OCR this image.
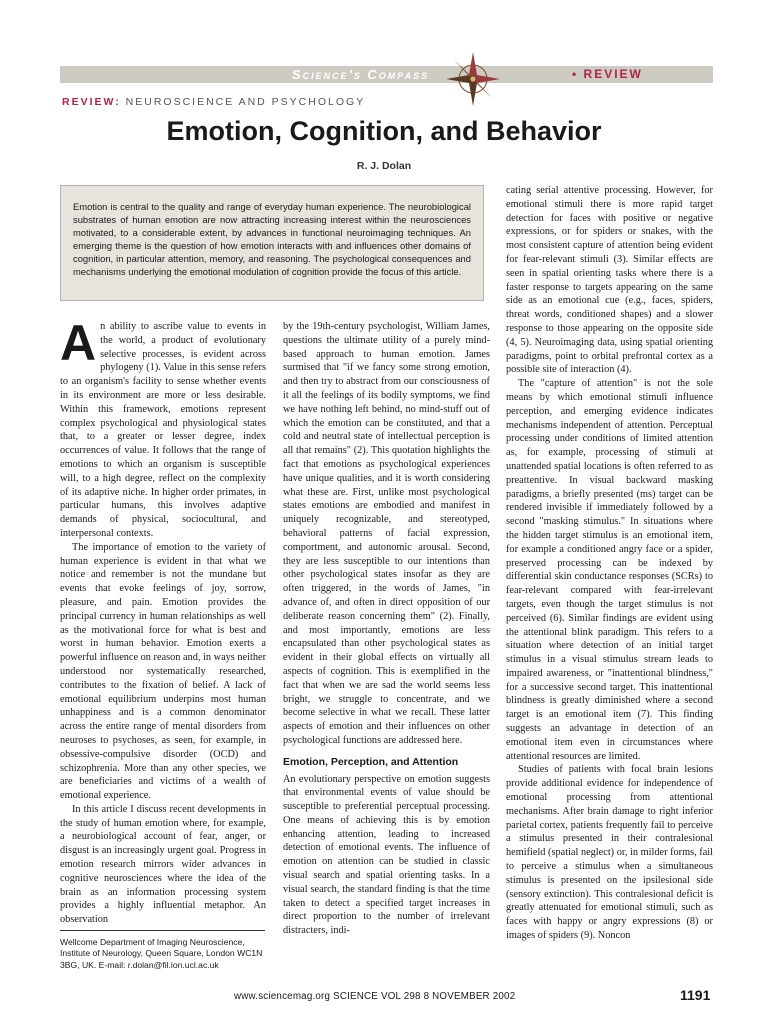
Science's Compass	• REVIEW
REVIEW: NEUROSCIENCE AND PSYCHOLOGY
Emotion, Cognition, and Behavior
R. J. Dolan
Emotion is central to the quality and range of everyday human experience. The neurobiological substrates of human emotion are now attracting increasing interest within the neurosciences motivated, to a considerable extent, by advances in functional neuroimaging techniques. An emerging theme is the question of how emotion interacts with and influences other domains of cognition, in particular attention, memory, and reasoning. The psychological consequences and mechanisms underlying the emotional modulation of cognition provide the focus of this article.
A n ability to ascribe value to events in the world, a product of evolutionary selective processes, is evident across phylogeny (1). Value in this sense refers to an organism's facility to sense whether events in its environment are more or less desirable. Within this framework, emotions represent complex psychological and physiological states that, to a greater or lesser degree, index occurrences of value. It follows that the range of emotions to which an organism is susceptible will, to a high degree, reflect on the complexity of its adaptive niche. In higher order primates, in particular humans, this involves adaptive demands of physical, sociocultural, and interpersonal contexts.

The importance of emotion to the variety of human experience is evident in that what we notice and remember is not the mundane but events that evoke feelings of joy, sorrow, pleasure, and pain. Emotion provides the principal currency in human relationships as well as the motivational force for what is best and worst in human behavior. Emotion exerts a powerful influence on reason and, in ways neither understood nor systematically researched, contributes to the fixation of belief. A lack of emotional equilibrium underpins most human unhappiness and is a common denominator across the entire range of mental disorders from neuroses to psychoses, as seen, for example, in obsessive-compulsive disorder (OCD) and schizophrenia. More than any other species, we are beneficiaries and victims of a wealth of emotional experience.

In this article I discuss recent developments in the study of human emotion where, for example, a neurobiological account of fear, anger, or disgust is an increasingly urgent goal. Progress in emotion research mirrors wider advances in cognitive neurosciences where the idea of the brain as an information processing system provides a highly influential metaphor. An observation

by the 19th-century psychologist, William James, questions the ultimate utility of a purely mind-based approach to human emotion. James surmised that "if we fancy some strong emotion, and then try to abstract from our consciousness of it all the feelings of its bodily symptoms, we find we have nothing left behind, no mind-stuff out of which the emotion can be constituted, and that a cold and neutral state of intellectual perception is all that remains" (2). This quotation highlights the fact that emotions as psychological experiences have unique qualities, and it is worth considering what these are. First, unlike most psychological states emotions are embodied and manifest in uniquely recognizable, and stereotyped, behavioral patterns of facial expression, comportment, and autonomic arousal. Second, they are less susceptible to our intentions than other psychological states insofar as they are often triggered, in the words of James, "in advance of, and often in direct opposition of our deliberate reason concerning them" (2). Finally, and most importantly, emotions are less encapsulated than other psychological states as evident in their global effects on virtually all aspects of cognition. This is exemplified in the fact that when we are sad the world seems less bright, we struggle to concentrate, and we become selective in what we recall. These latter aspects of emotion and their influences on other psychological functions are addressed here.

Emotion, Perception, and Attention

An evolutionary perspective on emotion suggests that environmental events of value should be susceptible to preferential perceptual processing. One means of achieving this is by emotion enhancing attention, leading to increased detection of emotional events. The influence of emotion on attention can be studied in classic visual search and spatial orienting tasks. In a visual search, the standard finding is that the time taken to detect a specified target increases in direct proportion to the number of irrelevant distracters, indi-

cating serial attentive processing. However, for emotional stimuli there is more rapid target detection for faces with positive or negative expressions, or for spiders or snakes, with the most consistent capture of attention being evident for fear-relevant stimuli (3). Similar effects are seen in spatial orienting tasks where there is a faster response to targets appearing on the same side as an emotional cue (e.g., faces, spiders, threat words, conditioned shapes) and a slower response to those appearing on the opposite side (4, 5). Neuroimaging data, using spatial orienting paradigms, point to orbital prefrontal cortex as a possible site of interaction (4).

The "capture of attention" is not the sole means by which emotional stimuli influence perception, and emerging evidence indicates mechanisms independent of attention. Perceptual processing under conditions of limited attention as, for example, processing of stimuli at unattended spatial locations is often referred to as preattentive. In visual backward masking paradigms, a briefly presented (ms) target can be rendered invisible if immediately followed by a second "masking stimulus." In situations where the hidden target stimulus is an emotional item, for example a conditioned angry face or a spider, preserved processing can be indexed by differential skin conductance responses (SCRs) to fear-relevant compared with fear-irrelevant targets, even though the target stimulus is not perceived (6). Similar findings are evident using the attentional blink paradigm. This refers to a situation where detection of an initial target stimulus in a visual stimulus stream leads to impaired awareness, or "inattentional blindness," for a successive second target. This inattentional blindness is greatly diminished where a second target is an emotional item (7). This finding suggests an advantage in detection of an emotional item even in circumstances where attentional resources are limited.

Studies of patients with focal brain lesions provide additional evidence for independence of emotional processing from attentional mechanisms. After brain damage to right inferior parietal cortex, patients frequently fail to perceive a stimulus presented in their contralesional hemifield (spatial neglect) or, in milder forms, fail to perceive a stimulus when a simultaneous stimulus is presented on the ipsilesional side (sensory extinction). This contralesional deficit is greatly attenuated for emotional stimuli, such as faces with happy or angry expressions (8) or images of spiders (9). Noncon

Wellcome Department of Imaging Neuroscience, Institute of Neurology, Queen Square, London WC1N 3BG, UK. E-mail: r.dolan@fil.ion.ucl.ac.uk
www.sciencemag.org SCIENCE VOL 298 8 NOVEMBER 2002	1191
